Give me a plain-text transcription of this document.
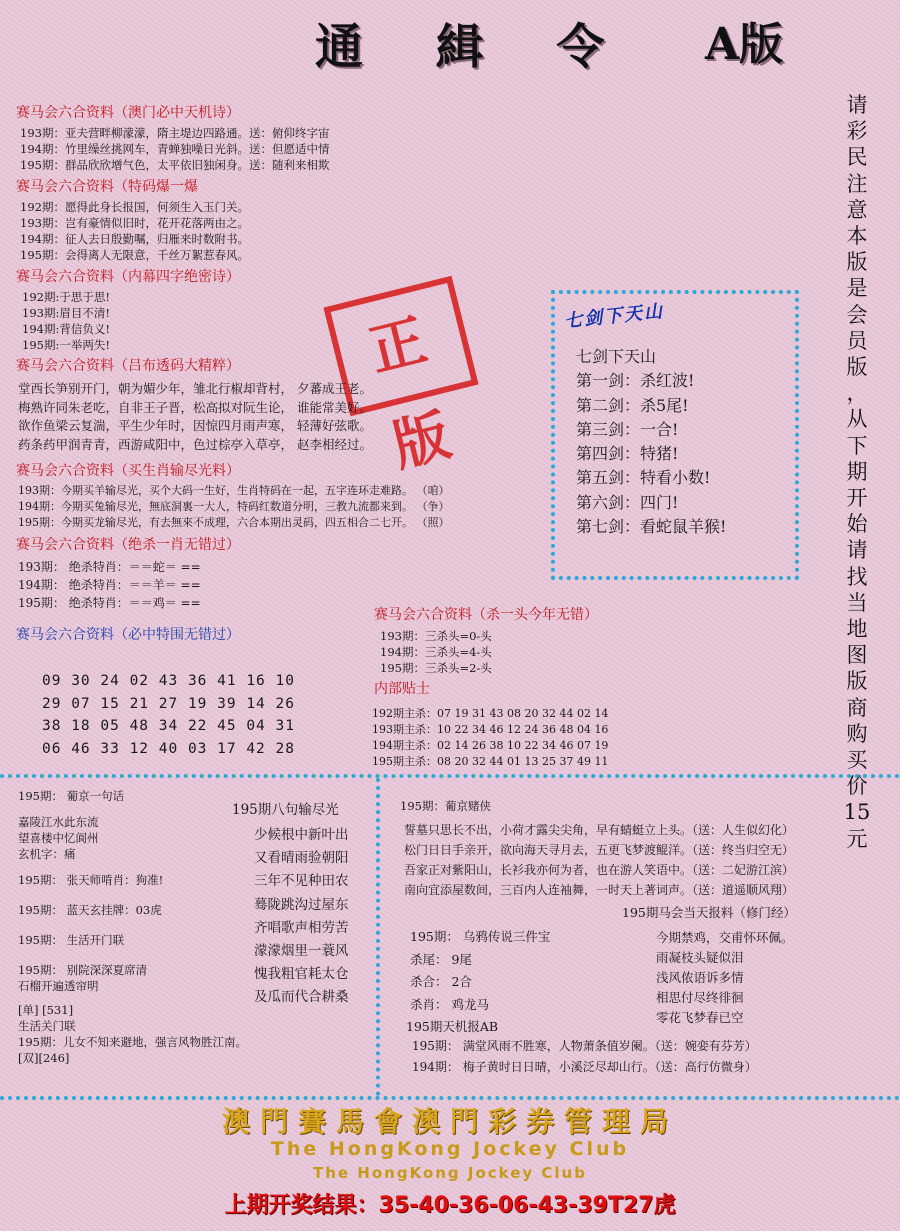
通 緝 令 A版
请
彩
民
注
意
本
版
是
会
员
版
，
从
下
期
开
始
请
找
当
地
图
版
商
购
买
价
15
元
赛马会六合资料（澳门必中天机诗）
193期：亚夫营畔柳濛濛，隋主堤边四路通。送：俯仰终字宙
194期：竹里缲丝挑网车，青蝉独噪日光斜。送：但愿适中情
195期：群品欣欣增气色，太平依旧独闲身。送：随利来相欺
赛马会六合资料（特码爆一爆
192期：愿得此身长报国，何须生入玉门关。
193期：岂有豪情似旧时，花开花落两由之。
194期：征人去日殷勤嘱，归雁来时数附书。
195期：会得离人无限意，千丝万絮惹春风。
赛马会六合资料（内幕四字绝密诗）
192期:于思于思!
193期:眉目不清!
194期:背信负义!
195期:一举两失!	正版
赛马会六合资料（吕布透码大精粹）
堂西长笋别开门，朝为媚少年，雏北行椒却背村， 夕蕃成王老。
梅熟许同朱老吃，自非王子晋，松高拟对阮生论， 谁能常美好。
欲作鱼梁云复湍，平生少年时，因惊四月雨声寒， 轻薄好弦歌。
药条药甲润青青，西游咸阳中，色过棕亭入草亭， 赵李相经过。
赛马会六合资料（买生肖输尽光料）
193期：今期买羊输尽光，买个大码一生好，生肖特码在一起，五字连环走难路。 （咱）
194期：今期买兔输尽光，無底洞裏一大人，特码红数道分明，三教九流都来到。 （争）
195期：今期买龙输尽光，有去無來不成理，六合本期出灵码，四五相合二七开。 （照）
赛马会六合资料（绝杀一肖无错过）
193期： 绝杀特肖：＝＝蛇＝ ==
194期： 绝杀特肖：＝＝羊＝ ==
195期： 绝杀特肖：＝＝鸡＝ ==
赛马会六合资料（必中特围无错过）
09 30 24 02 43 36 41 16 10
29 07 15 21 27 19 39 14 26
38 18 05 48 34 22 45 04 31
06 46 33 12 40 03 17 42 28
七剑下天山
七剑下天山
第一剑：杀红波!
第二剑：杀5尾!
第三剑：一合!
第四剑：特猪!
第五剑：特看小数!
第六剑：四门!
第七剑：看蛇鼠羊猴!
赛马会六合资料（杀一头今年无错）
193期：三杀头=0-头
194期：三杀头=4-头
195期：三杀头=2-头
内部贴士
192期主杀：07 19 31 43 08 20 32 44 02 14
193期主杀：10 22 34 46 12 24 36 48 04 16
194期主杀：02 14 26 38 10 22 34 46 07 19
195期主杀：08 20 32 44 01 13 25 37 49 11
195期： 葡京一句话
嘉陵江水此东流
望喜楼中忆阆州
玄机字：痛
195期： 张天师啃肖：狗准!
195期： 蓝天玄挂牌：03虎
195期： 生活开门联
195期： 别院深深夏席清
石榴开遍透帘明
[单] [531]
生活关门联
195期：儿女不知来避地，强言风物胜江南。
[双][246]
195期八句输尽光
少候根中新叶出
又看晴雨验朝阳
三年不见种田农
蓦陇跳沟过屋东
齐唱歌声相劳苦
濛濛烟里一蓑风
愧我粗官耗太仓
及瓜而代合耕桑
195期：葡京赌侠
誓墓只思长不出，小荷才露尖尖角，早有蜻蜓立上头。（送：人生似幻化）
松门日日手亲开，欲向海天寻月去，五更飞梦渡鲲洋。（送：终当归空无）
吾家正对紫阳山，长衫我亦何为者，也在游人笑语中。（送：二妃游江滨）
南向宜添屋数间，三百内人连袖舞，一时天上著词声。（送：道遥顺风翔）
195期： 乌鸦传说三件宝
杀尾： 9尾
杀合： 2合
杀肖： 鸡龙马
195期马会当天报料（修门经）
今期禁鸡，交甫怀环佩。
雨凝枝头疑似泪
浅风侬语诉多情
相思付尽终徘徊
零花飞梦春已空
195期天机报AB
195期： 满堂风雨不胜寒，人物萧条值岁阑。（送：婉娈有芬芳）
194期： 梅子黄时日日晴，小溪泛尽却山行。（送：高行仿微身）
澳門賽馬會澳門彩券管理局
The HongKong Jockey Club
The HongKong Jockey Club
上期开奖结果：35-40-36-06-43-39T27虎
